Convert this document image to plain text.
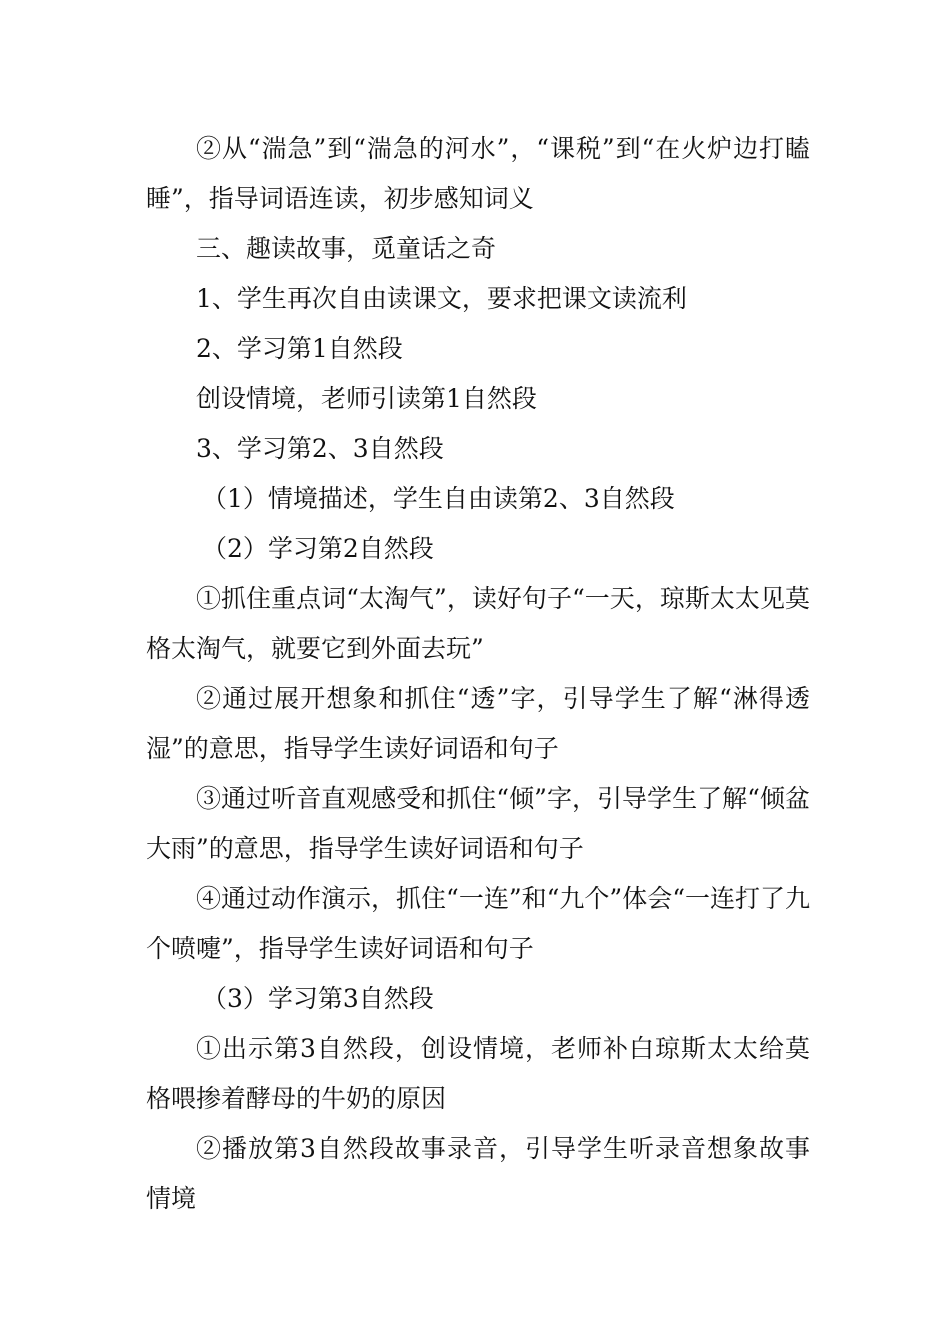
②从“湍急”到“湍急的河水”，“课税”到“在火炉边打瞌睡”，指导词语连读，初步感知词义

三、趣读故事，觅童话之奇

1、学生再次自由读课文，要求把课文读流利

2、学习第1自然段

创设情境，老师引读第1自然段

3、学习第2、3自然段

（1）情境描述，学生自由读第2、3自然段

（2）学习第2自然段

①抓住重点词“太淘气”，读好句子“一天，琼斯太太见莫格太淘气，就要它到外面去玩”

②通过展开想象和抓住“透”字，引导学生了解“淋得透湿”的意思，指导学生读好词语和句子

③通过听音直观感受和抓住“倾”字，引导学生了解“倾盆大雨”的意思，指导学生读好词语和句子

④通过动作演示，抓住“一连”和“九个”体会“一连打了九个喷嚏”，指导学生读好词语和句子

（3）学习第3自然段

①出示第3自然段，创设情境，老师补白琼斯太太给莫格喂掺着酵母的牛奶的原因

②播放第3自然段故事录音，引导学生听录音想象故事情境
